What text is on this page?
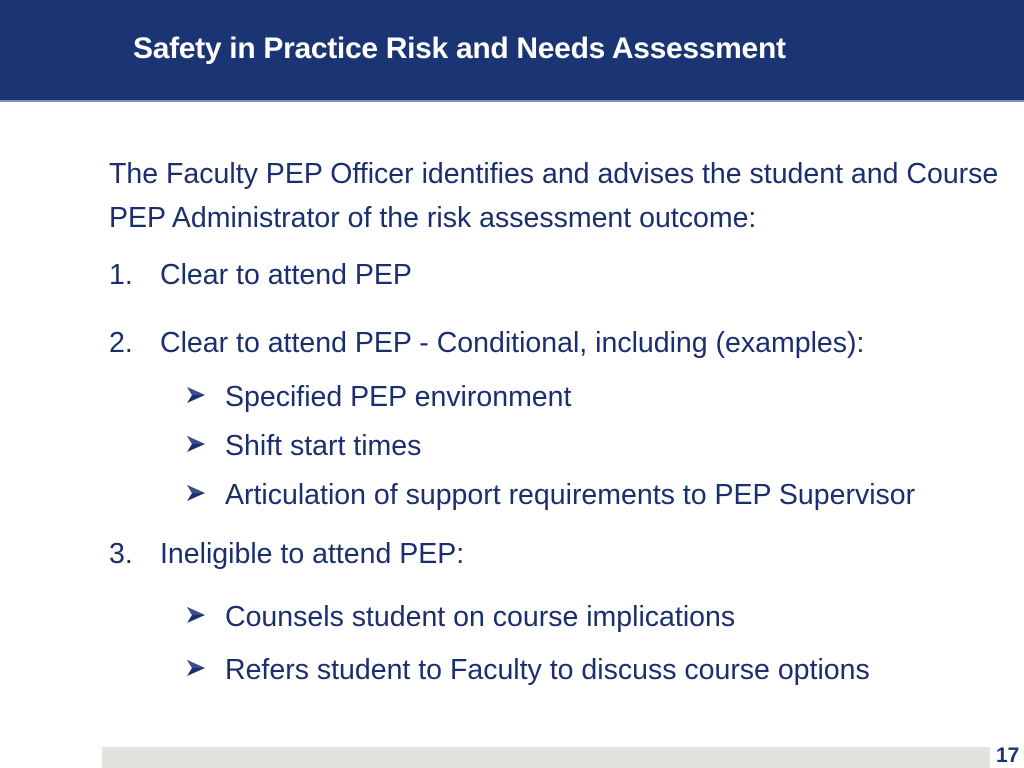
Safety in Practice Risk and Needs Assessment
The Faculty PEP Officer identifies and advises the student and Course PEP Administrator of the risk assessment outcome:
1. Clear to attend PEP
2. Clear to attend PEP - Conditional, including (examples):
Specified PEP environment
Shift start times
Articulation of support requirements to PEP Supervisor
3. Ineligible to attend PEP:
Counsels student on course implications
Refers student to Faculty to discuss course options
17
